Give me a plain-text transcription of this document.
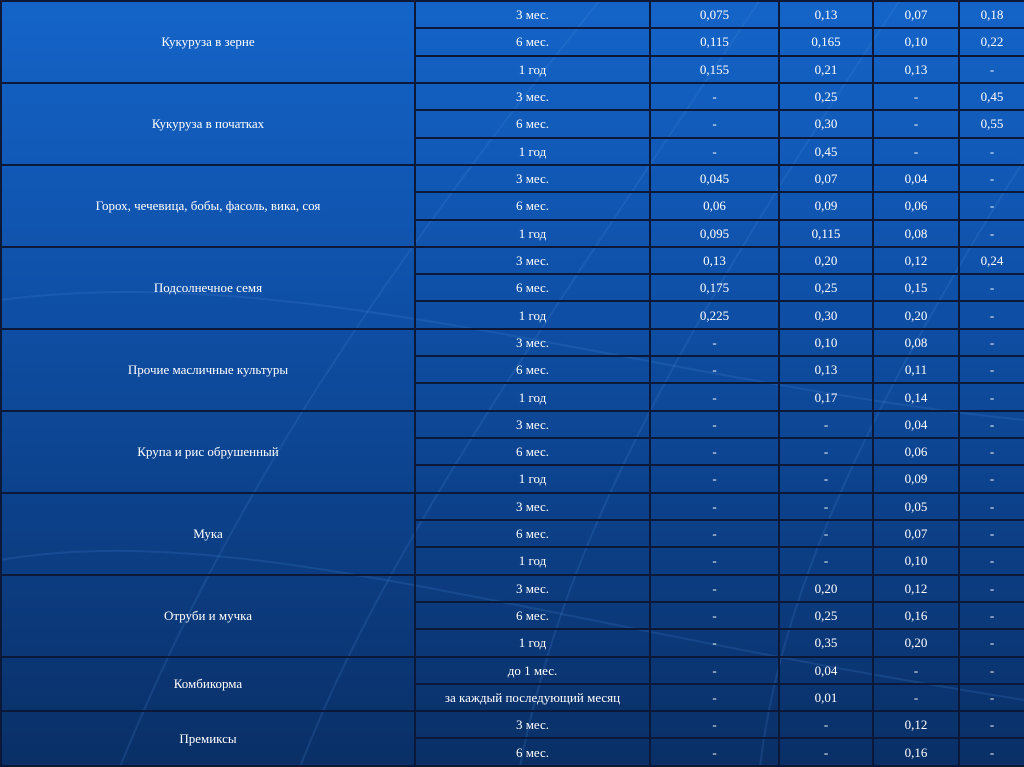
Кукуруза в зерне	3 мес.	0,075	0,13	0,07	0,18
	6 мес.	0,115	0,165	0,10	0,22
	1 год	0,155	0,21	0,13	-
Кукуруза в початках	3 мес.	-	0,25	-	0,45
	6 мес.	-	0,30	-	0,55
	1 год	-	0,45	-	-
Горох, чечевица, бобы, фасоль, вика, соя	3 мес.	0,045	0,07	0,04	-
	6 мес.	0,06	0,09	0,06	-
	1 год	0,095	0,115	0,08	-
Подсолнечное семя	3 мес.	0,13	0,20	0,12	0,24
	6 мес.	0,175	0,25	0,15	-
	1 год	0,225	0,30	0,20	-
Прочие масличные культуры	3 мес.	-	0,10	0,08	-
	6 мес.	-	0,13	0,11	-
	1 год	-	0,17	0,14	-
Крупа и рис обрушенный	3 мес.	-	-	0,04	-
	6 мес.	-	-	0,06	-
	1 год	-	-	0,09	-
Мука	3 мес.	-	-	0,05	-
	6 мес.	-	-	0,07	-
	1 год	-	-	0,10	-
Отруби и мучка	3 мес.	-	0,20	0,12	-
	6 мес.	-	0,25	0,16	-
	1 год	-	0,35	0,20	-
Комбикорма	до 1 мес.	-	0,04	-	-
	за каждый последующий месяц	-	0,01	-	-
Премиксы	3 мес.	-	-	0,12	-
	6 мес.	-	-	0,16	-
